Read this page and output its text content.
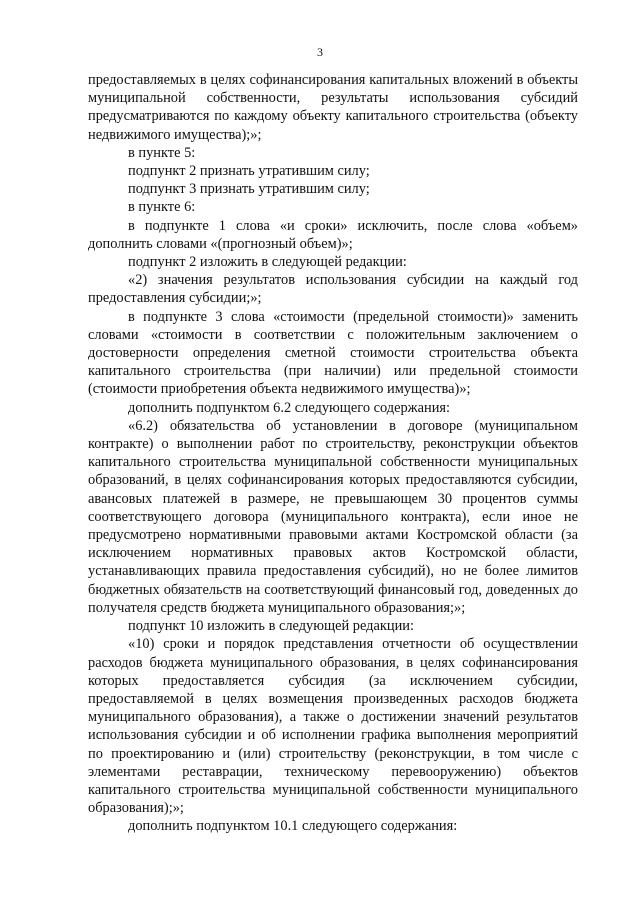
3

предоставляемых в целях софинансирования капитальных вложений в объекты муниципальной собственности, результаты использования субсидий предусматриваются по каждому объекту капитального строительства (объекту недвижимого имущества);»;

в пункте 5:

подпункт 2 признать утратившим силу;

подпункт 3 признать утратившим силу;

в пункте 6:

в подпункте 1 слова «и сроки» исключить, после слова «объем» дополнить словами «(прогнозный объем)»;

подпункт 2 изложить в следующей редакции:

«2) значения результатов использования субсидии на каждый год предоставления субсидии;»;

в подпункте 3 слова «стоимости (предельной стоимости)» заменить словами «стоимости в соответствии с положительным заключением о достоверности определения сметной стоимости строительства объекта капитального строительства (при наличии) или предельной стоимости (стоимости приобретения объекта недвижимого имущества)»;

дополнить подпунктом 6.2 следующего содержания:

«6.2) обязательства об установлении в договоре (муниципальном контракте) о выполнении работ по строительству, реконструкции объектов капитального строительства муниципальной собственности муниципальных образований, в целях софинансирования которых предоставляются субсидии, авансовых платежей в размере, не превышающем 30 процентов суммы соответствующего договора (муниципального контракта), если иное не предусмотрено нормативными правовыми актами Костромской области (за исключением нормативных правовых актов Костромской области, устанавливающих правила предоставления субсидий), но не более лимитов бюджетных обязательств на соответствующий финансовый год, доведенных до получателя средств бюджета муниципального образования;»;

подпункт 10 изложить в следующей редакции:

«10) сроки и порядок представления отчетности об осуществлении расходов бюджета муниципального образования, в целях софинансирования которых предоставляется субсидия (за исключением субсидии, предоставляемой в целях возмещения произведенных расходов бюджета муниципального образования), а также о достижении значений результатов использования субсидии и об исполнении графика выполнения мероприятий по проектированию и (или) строительству (реконструкции, в том числе с элементами реставрации, техническому перевооружению) объектов капитального строительства муниципальной собственности муниципального образования);»;

дополнить подпунктом 10.1 следующего содержания:
